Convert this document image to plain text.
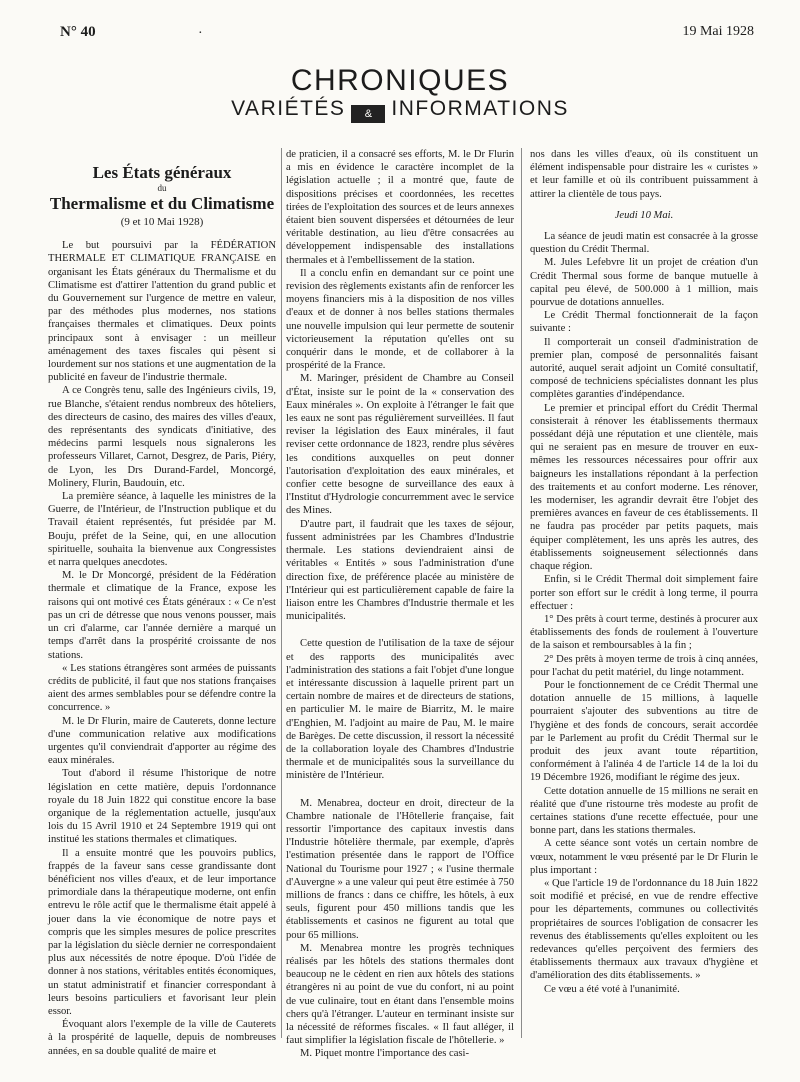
N° 40	·	19 Mai 1928
CHRONIQUES
VARIÉTÉS & INFORMATIONS
Les États généraux
du
Thermalisme et du Climatisme
(9 et 10 Mai 1928)

Le but poursuivi par la FÉDÉRATION THERMALE ET CLIMATIQUE FRANÇAISE en organisant les États généraux du Thermalisme et du Climatisme est d'attirer l'attention du grand public et du Gouvernement sur l'urgence de mettre en valeur, par des méthodes plus modernes, nos stations françaises thermales et climatiques. Deux points principaux sont à envisager : un meilleur aménagement des taxes fiscales qui pèsent si lourdement sur nos stations et une augmentation de la publicité en faveur de l'industrie thermale.

A ce Congrès tenu, salle des Ingénieurs civils, 19, rue Blanche, s'étaient rendus nombreux des hôteliers, des directeurs de casino, des maires des villes d'eaux, des représentants des syndicats d'initiative, des médecins parmi lesquels nous signalerons les professeurs Villaret, Carnot, Desgrez, de Paris, Piéry, de Lyon, les Drs Durand-Fardel, Moncorgé, Molinery, Flurin, Baudouin, etc.

La première séance, à laquelle les ministres de la Guerre, de l'Intérieur, de l'Instruction publique et du Travail étaient représentés, fut présidée par M. Bouju, préfet de la Seine, qui, en une allocution spirituelle, souhaita la bienvenue aux Congressistes et narra quelques anecdotes.

M. le Dr Moncorgé, président de la Fédération thermale et climatique de la France, expose les raisons qui ont motivé ces États généraux : « Ce n'est pas un cri de détresse que nous venons pousser, mais un cri d'alarme, car l'année dernière a marqué un temps d'arrêt dans la prospérité croissante de nos stations.

« Les stations étrangères sont armées de puissants crédits de publicité, il faut que nos stations françaises aient des armes semblables pour se défendre contre la concurrence. »

M. le Dr Flurin, maire de Cauterets, donne lecture d'une communication relative aux modifications urgentes qu'il conviendrait d'apporter au régime des eaux minérales.

Tout d'abord il résume l'historique de notre législation en cette matière, depuis l'ordonnance royale du 18 Juin 1822 qui constitue encore la base organique de la réglementation actuelle, jusqu'aux lois du 15 Avril 1910 et 24 Septembre 1919 qui ont institué les stations thermales et climatiques.

Il a ensuite montré que les pouvoirs publics, frappés de la faveur sans cesse grandissante dont bénéficient nos villes d'eaux, et de leur importance primordiale dans la thérapeutique moderne, ont enfin entrevu le rôle actif que le thermalisme était appelé à jouer dans la vie économique de notre pays et compris que les simples mesures de police prescrites par la législation du siècle dernier ne correspondaient plus aux nécessités de notre époque. D'où l'idée de donner à nos stations, véritables entités économiques, un statut administratif et financier correspondant à leurs besoins particuliers et favorisant leur plein essor.

Évoquant alors l'exemple de la ville de Cauterets à la prospérité de laquelle, depuis de nombreuses années, en sa double qualité de maire et

de praticien, il a consacré ses efforts, M. le Dr Flurin a mis en évidence le caractère incomplet de la législation actuelle ; il a montré que, faute de dispositions précises et coordonnées, les recettes tirées de l'exploitation des sources et de leurs annexes étaient bien souvent dispersées et détournées de leur véritable destination, au lieu d'être consacrées au développement indispensable des installations thermales et à l'embellissement de la station.

Il a conclu enfin en demandant sur ce point une revision des règlements existants afin de renforcer les moyens financiers mis à la disposition de nos villes d'eaux et de donner à nos belles stations thermales une nouvelle impulsion qui leur permette de soutenir victorieusement la réputation qu'elles ont su conquérir dans le monde, et de collaborer à la prospérité de la France.

M. Maringer, président de Chambre au Conseil d'État, insiste sur le point de la « conservation des Eaux minérales ». On exploite à l'étranger le fait que les eaux ne sont pas régulièrement surveillées. Il faut reviser la législation des Eaux minérales, il faut reviser cette ordonnance de 1823, rendre plus sévères les conditions auxquelles on peut donner l'autorisation d'exploitation des eaux minérales, et confier cette besogne de surveillance des eaux à l'Institut d'Hydrologie concurremment avec le service des Mines.

D'autre part, il faudrait que les taxes de séjour, fussent administrées par les Chambres d'Industrie thermale. Les stations deviendraient ainsi de véritables « Entités » sous l'administration d'une direction fixe, de préférence placée au ministère de l'Intérieur qui est particulièrement capable de faire la liaison entre les Chambres d'Industrie thermale et les municipalités.

Cette question de l'utilisation de la taxe de séjour et des rapports des municipalités avec l'administration des stations a fait l'objet d'une longue et intéressante discussion à laquelle prirent part un certain nombre de maires et de directeurs de stations, en particulier M. le maire de Biarritz, M. le maire d'Enghien, M. l'adjoint au maire de Pau, M. le maire de Barèges. De cette discussion, il ressort la nécessité de la collaboration loyale des Chambres d'Industrie thermale et de municipalités sous la surveillance du ministère de l'Intérieur.

M. Menabrea, docteur en droit, directeur de la Chambre nationale de l'Hôtellerie française, fait ressortir l'importance des capitaux investis dans l'Industrie hôtelière thermale, par exemple, d'après l'estimation présentée dans le rapport de l'Office National du Tourisme pour 1927 ; « l'usine thermale d'Auvergne » a une valeur qui peut être estimée à 750 millions de francs : dans ce chiffre, les hôtels, à eux seuls, figurent pour 450 millions tandis que les établissements et casinos ne figurent au total que pour 65 millions.

M. Menabrea montre les progrès techniques réalisés par les hôtels des stations thermales dont beaucoup ne le cèdent en rien aux hôtels des stations étrangères ni au point de vue du confort, ni au point de vue culinaire, tout en étant dans l'ensemble moins chers qu'à l'étranger. L'auteur en terminant insiste sur la nécessité de réformes fiscales. « Il faut alléger, il faut simplifier la législation fiscale de l'hôtellerie. »

M. Piquet montre l'importance des casi-

nos dans les villes d'eaux, où ils constituent un élément indispensable pour distraire les « curistes » et leur famille et où ils contribuent puissamment à attirer la clientèle de tous pays.

Jeudi 10 Mai.

La séance de jeudi matin est consacrée à la grosse question du Crédit Thermal.

M. Jules Lefebvre lit un projet de création d'un Crédit Thermal sous forme de banque mutuelle à capital peu élevé, de 500.000 à 1 million, mais pourvue de dotations annuelles.

Le Crédit Thermal fonctionnerait de la façon suivante :

Il comporterait un conseil d'administration de premier plan, composé de personnalités faisant autorité, auquel serait adjoint un Comité consultatif, composé de techniciens spécialistes donnant les plus complètes garanties d'indépendance.

Le premier et principal effort du Crédit Thermal consisterait à rénover les établissements thermaux possédant déjà une réputation et une clientèle, mais qui ne seraient pas en mesure de trouver en eux-mêmes les ressources nécessaires pour offrir aux baigneurs les installations répondant à la perfection des traitements et au confort moderne. Les rénover, les moderniser, les agrandir devrait être l'objet des premières avances en faveur de ces établissements. Il ne faudra pas procéder par petits paquets, mais équiper complètement, les uns après les autres, des établissements soigneusement sélectionnés dans chaque région.

Enfin, si le Crédit Thermal doit simplement faire porter son effort sur le crédit à long terme, il pourra effectuer :

1° Des prêts à court terme, destinés à procurer aux établissements des fonds de roulement à l'ouverture de la saison et remboursables à la fin ;

2° Des prêts à moyen terme de trois à cinq années, pour l'achat du petit matériel, du linge notamment.

Pour le fonctionnement de ce Crédit Thermal une dotation annuelle de 15 millions, à laquelle pourraient s'ajouter des subventions au titre de l'hygiène et des fonds de concours, serait accordée par le Parlement au profit du Crédit Thermal sur le produit des jeux avant toute répartition, conformément à l'alinéa 4 de l'article 14 de la loi du 19 Décembre 1926, modifiant le régime des jeux.

Cette dotation annuelle de 15 millions ne serait en réalité que d'une ristourne très modeste au profit de certaines stations d'une recette effectuée, pour une bonne part, dans les stations thermales.

A cette séance sont votés un certain nombre de vœux, notamment le vœu présenté par le Dr Flurin le plus important :

« Que l'article 19 de l'ordonnance du 18 Juin 1822 soit modifié et précisé, en vue de rendre effective pour les départements, communes ou collectivités propriétaires de sources l'obligation de consacrer les revenus des établissements qu'elles exploitent ou les redevances qu'elles perçoivent des fermiers des établissements thermaux aux travaux d'hygiène et d'amélioration des dits établissements. »

Ce vœu a été voté à l'unanimité.
